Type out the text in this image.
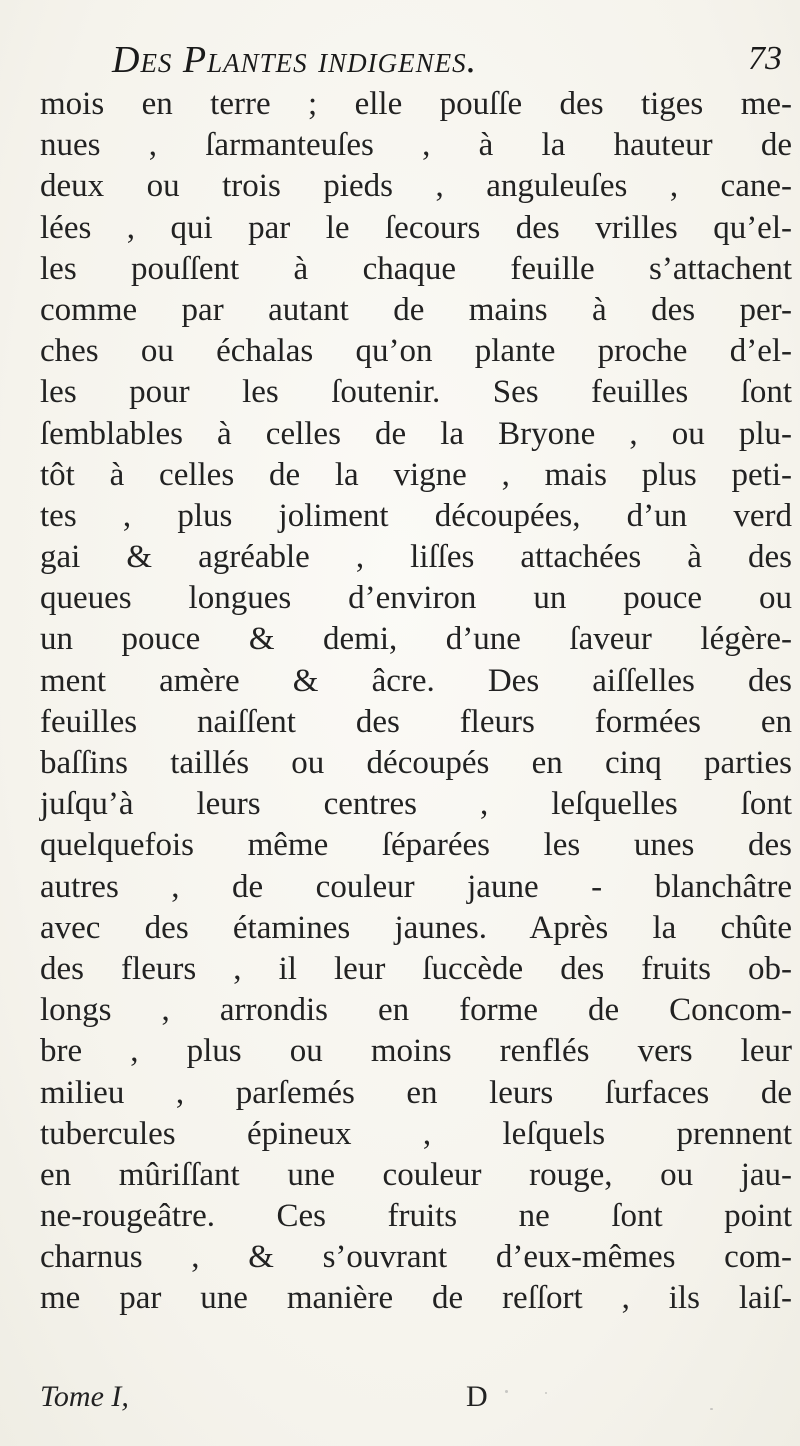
Des Plantes indigenes.	73
mois en terre ; elle pouſſe des tiges me-
nues , ſarmanteuſes , à la hauteur de
deux ou trois pieds , anguleuſes , cane-
lées , qui par le ſecours des vrilles qu’el-
les pouſſent à chaque feuille s’attachent
comme par autant de mains à des per-
ches ou échalas qu’on plante proche d’el-
les pour les ſoutenir. Ses feuilles ſont
ſemblables à celles de la Bryone , ou plu-
tôt à celles de la vigne , mais plus peti-
tes , plus joliment découpées, d’un verd
gai & agréable , liſſes attachées à des
queues longues d’environ un pouce ou
un pouce & demi, d’une ſaveur légère-
ment amère & âcre. Des aiſſelles des
feuilles naiſſent des fleurs formées en
baſſins taillés ou découpés en cinq parties
juſqu’à leurs centres , leſquelles ſont
quelquefois même ſéparées les unes des
autres , de couleur jaune - blanchâtre
avec des étamines jaunes. Après la chûte
des fleurs , il leur ſuccède des fruits ob-
longs , arrondis en forme de Concom-
bre , plus ou moins renflés vers leur
milieu , parſemés en leurs ſurfaces de
tubercules épineux , leſquels prennent
en mûriſſant une couleur rouge, ou jau-
ne-rougeâtre. Ces fruits ne ſont point
charnus , & s’ouvrant d’eux-mêmes com-
me par une manière de reſſort , ils laiſ-
Tome I,	D
